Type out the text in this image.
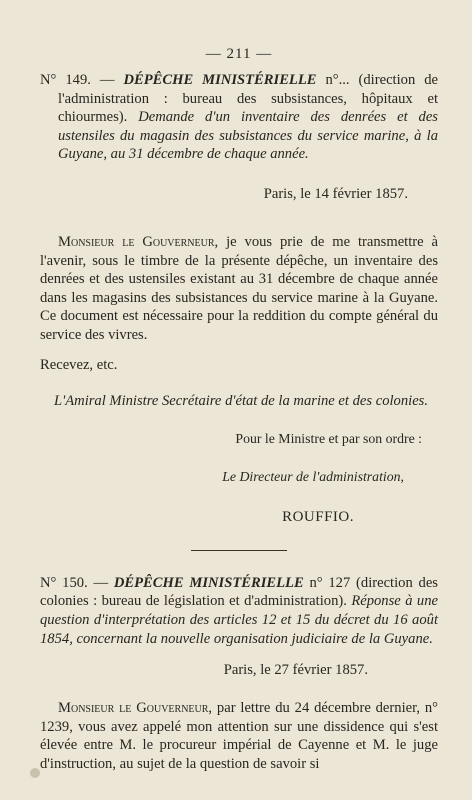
— 211 —

N° 149. — DÉPÊCHE MINISTÉRIELLE n°... (direction de l'administration : bureau des subsistances, hôpitaux et chiourmes). Demande d'un inventaire des denrées et des ustensiles du magasin des subsistances du service marine, à la Guyane, au 31 décembre de chaque année.

Paris, le 14 février 1857.

Monsieur le Gouverneur, je vous prie de me transmettre à l'avenir, sous le timbre de la présente dépêche, un inventaire des denrées et des ustensiles existant au 31 décembre de chaque année dans les magasins des subsistances du service marine à la Guyane. Ce document est nécessaire pour la reddition du compte général du service des vivres.

Recevez, etc.

L'Amiral Ministre Secrétaire d'état de la marine et des colonies.

Pour le Ministre et par son ordre :
Le Directeur de l'administration,
ROUFFIO.

N° 150. — DÉPÊCHE MINISTÉRIELLE n° 127 (direction des colonies : bureau de législation et d'administration). Réponse à une question d'interprétation des articles 12 et 15 du décret du 16 août 1854, concernant la nouvelle organisation judiciaire de la Guyane.

Paris, le 27 février 1857.

Monsieur le Gouverneur, par lettre du 24 décembre dernier, n° 1239, vous avez appelé mon attention sur une dissidence qui s'est élevée entre M. le procureur impérial de Cayenne et M. le juge d'instruction, au sujet de la question de savoir si
